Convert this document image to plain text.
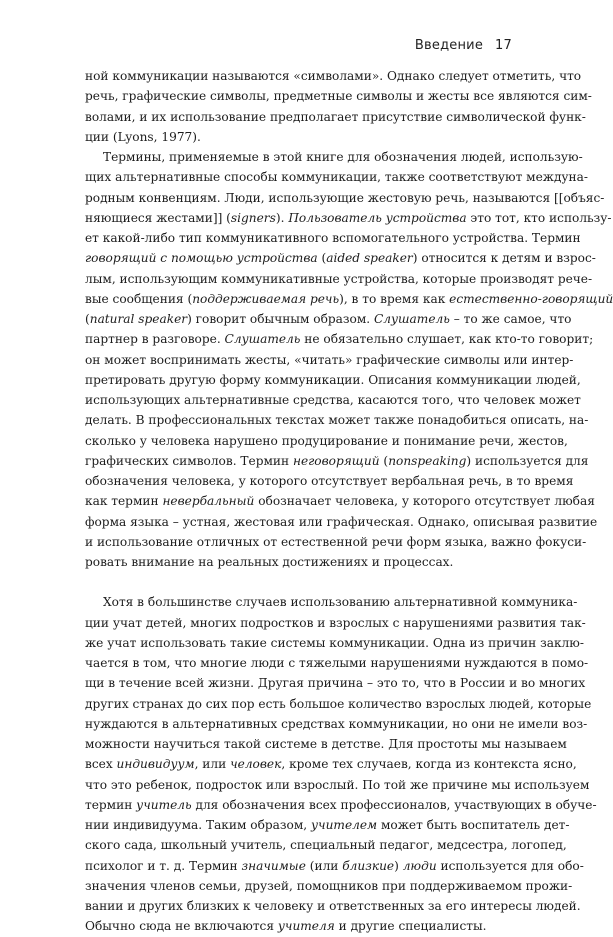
Введение 17
ной коммуникации называются «символами». Однако следует отметить, что
речь, графические символы, предметные символы и жесты все являются сим-
волами, и их использование предполагает присутствие символической функ-
ции (Lyons, 1977).
Термины, применяемые в этой книге для обозначения людей, использую-
щих альтернативные способы коммуникации, также соответствуют междуна-
родным конвенциям. Люди, использующие жестовую речь, называются [[объяс-
няющиеся жестами]] (signers). Пользователь устройства это тот, кто использу-
ет какой-либо тип коммуникативного вспомогательного устройства. Термин
говорящий с помощью устройства (aided speaker) относится к детям и взрос-
лым, использующим коммуникативные устройства, которые производят рече-
вые сообщения (поддерживаемая речь), в то время как естественно-говорящий
(natural speaker) говорит обычным образом. Слушатель – то же самое, что
партнер в разговоре. Слушатель не обязательно слушает, как кто-то говорит;
он может воспринимать жесты, «читать» графические символы или интер-
претировать другую форму коммуникации. Описания коммуникации людей,
использующих альтернативные средства, касаются того, что человек может
делать. В профессиональных текстах может также понадобиться описать, на-
сколько у человека нарушено продуцирование и понимание речи, жестов,
графических символов. Термин неговорящий (nonspeaking) используется для
обозначения человека, у которого отсутствует вербальная речь, в то время
как термин невербальный обозначает человека, у которого отсутствует любая
форма языка – устная, жестовая или графическая. Однако, описывая развитие
и использование отличных от естественной речи форм языка, важно фокуси-
ровать внимание на реальных достижениях и процессах.
Хотя в большинстве случаев использованию альтернативной коммуника-
ции учат детей, многих подростков и взрослых с нарушениями развития так-
же учат использовать такие системы коммуникации. Одна из причин заклю-
чается в том, что многие люди с тяжелыми нарушениями нуждаются в помо-
щи в течение всей жизни. Другая причина – это то, что в России и во многих
других странах до сих пор есть большое количество взрослых людей, которые
нуждаются в альтернативных средствах коммуникации, но они не имели воз-
можности научиться такой системе в детстве. Для простоты мы называем
всех индивидуум, или человек, кроме тех случаев, когда из контекста ясно,
что это ребенок, подросток или взрослый. По той же причине мы используем
термин учитель для обозначения всех профессионалов, участвующих в обуче-
нии индивидуума. Таким образом, учителем может быть воспитатель дет-
ского сада, школьный учитель, специальный педагог, медсестра, логопед,
психолог и т. д. Термин значимые (или близкие) люди используется для обо-
значения членов семьи, друзей, помощников при поддерживаемом прожи-
вании и других близких к человеку и ответственных за его интересы людей.
Обычно сюда не включаются учителя и другие специалисты.
